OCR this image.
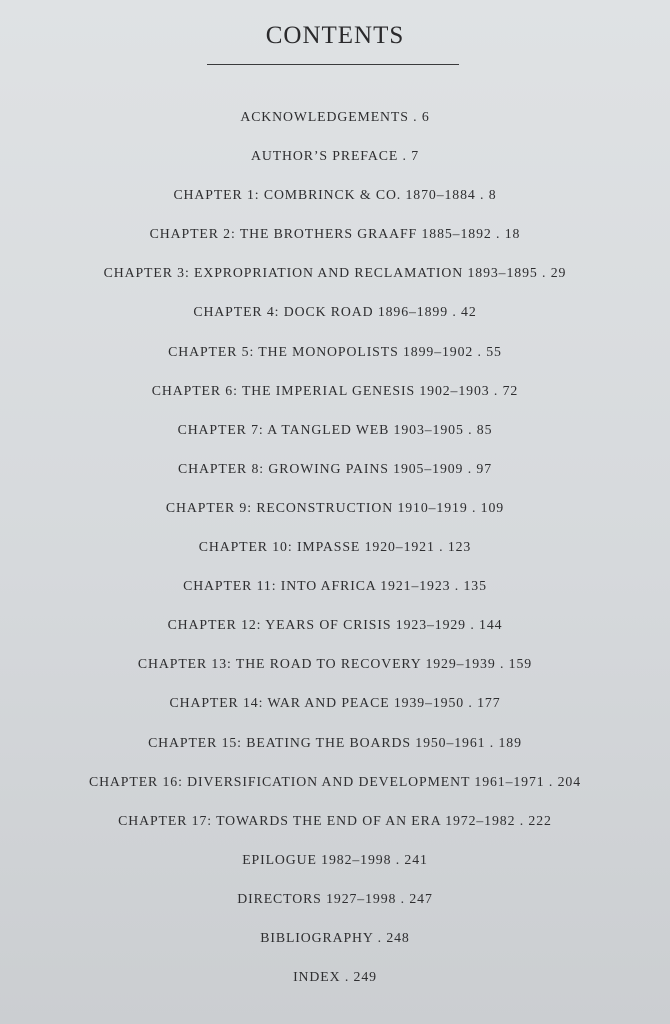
CONTENTS
ACKNOWLEDGEMENTS . 6
AUTHOR’S PREFACE . 7
CHAPTER 1: COMBRINCK & CO. 1870–1884 . 8
CHAPTER 2: THE BROTHERS GRAAFF 1885–1892 . 18
CHAPTER 3: EXPROPRIATION AND RECLAMATION 1893–1895 . 29
CHAPTER 4: DOCK ROAD 1896–1899 . 42
CHAPTER 5: THE MONOPOLISTS 1899–1902 . 55
CHAPTER 6: THE IMPERIAL GENESIS 1902–1903 . 72
CHAPTER 7: A TANGLED WEB 1903–1905 . 85
CHAPTER 8: GROWING PAINS 1905–1909 . 97
CHAPTER 9: RECONSTRUCTION 1910–1919 . 109
CHAPTER 10: IMPASSE 1920–1921 . 123
CHAPTER 11: INTO AFRICA 1921–1923 . 135
CHAPTER 12: YEARS OF CRISIS 1923–1929 . 144
CHAPTER 13: THE ROAD TO RECOVERY 1929–1939 . 159
CHAPTER 14: WAR AND PEACE 1939–1950 . 177
CHAPTER 15: BEATING THE BOARDS 1950–1961 . 189
CHAPTER 16: DIVERSIFICATION AND DEVELOPMENT 1961–1971 . 204
CHAPTER 17: TOWARDS THE END OF AN ERA 1972–1982 . 222
EPILOGUE 1982–1998 . 241
DIRECTORS 1927–1998 . 247
BIBLIOGRAPHY . 248
INDEX . 249
